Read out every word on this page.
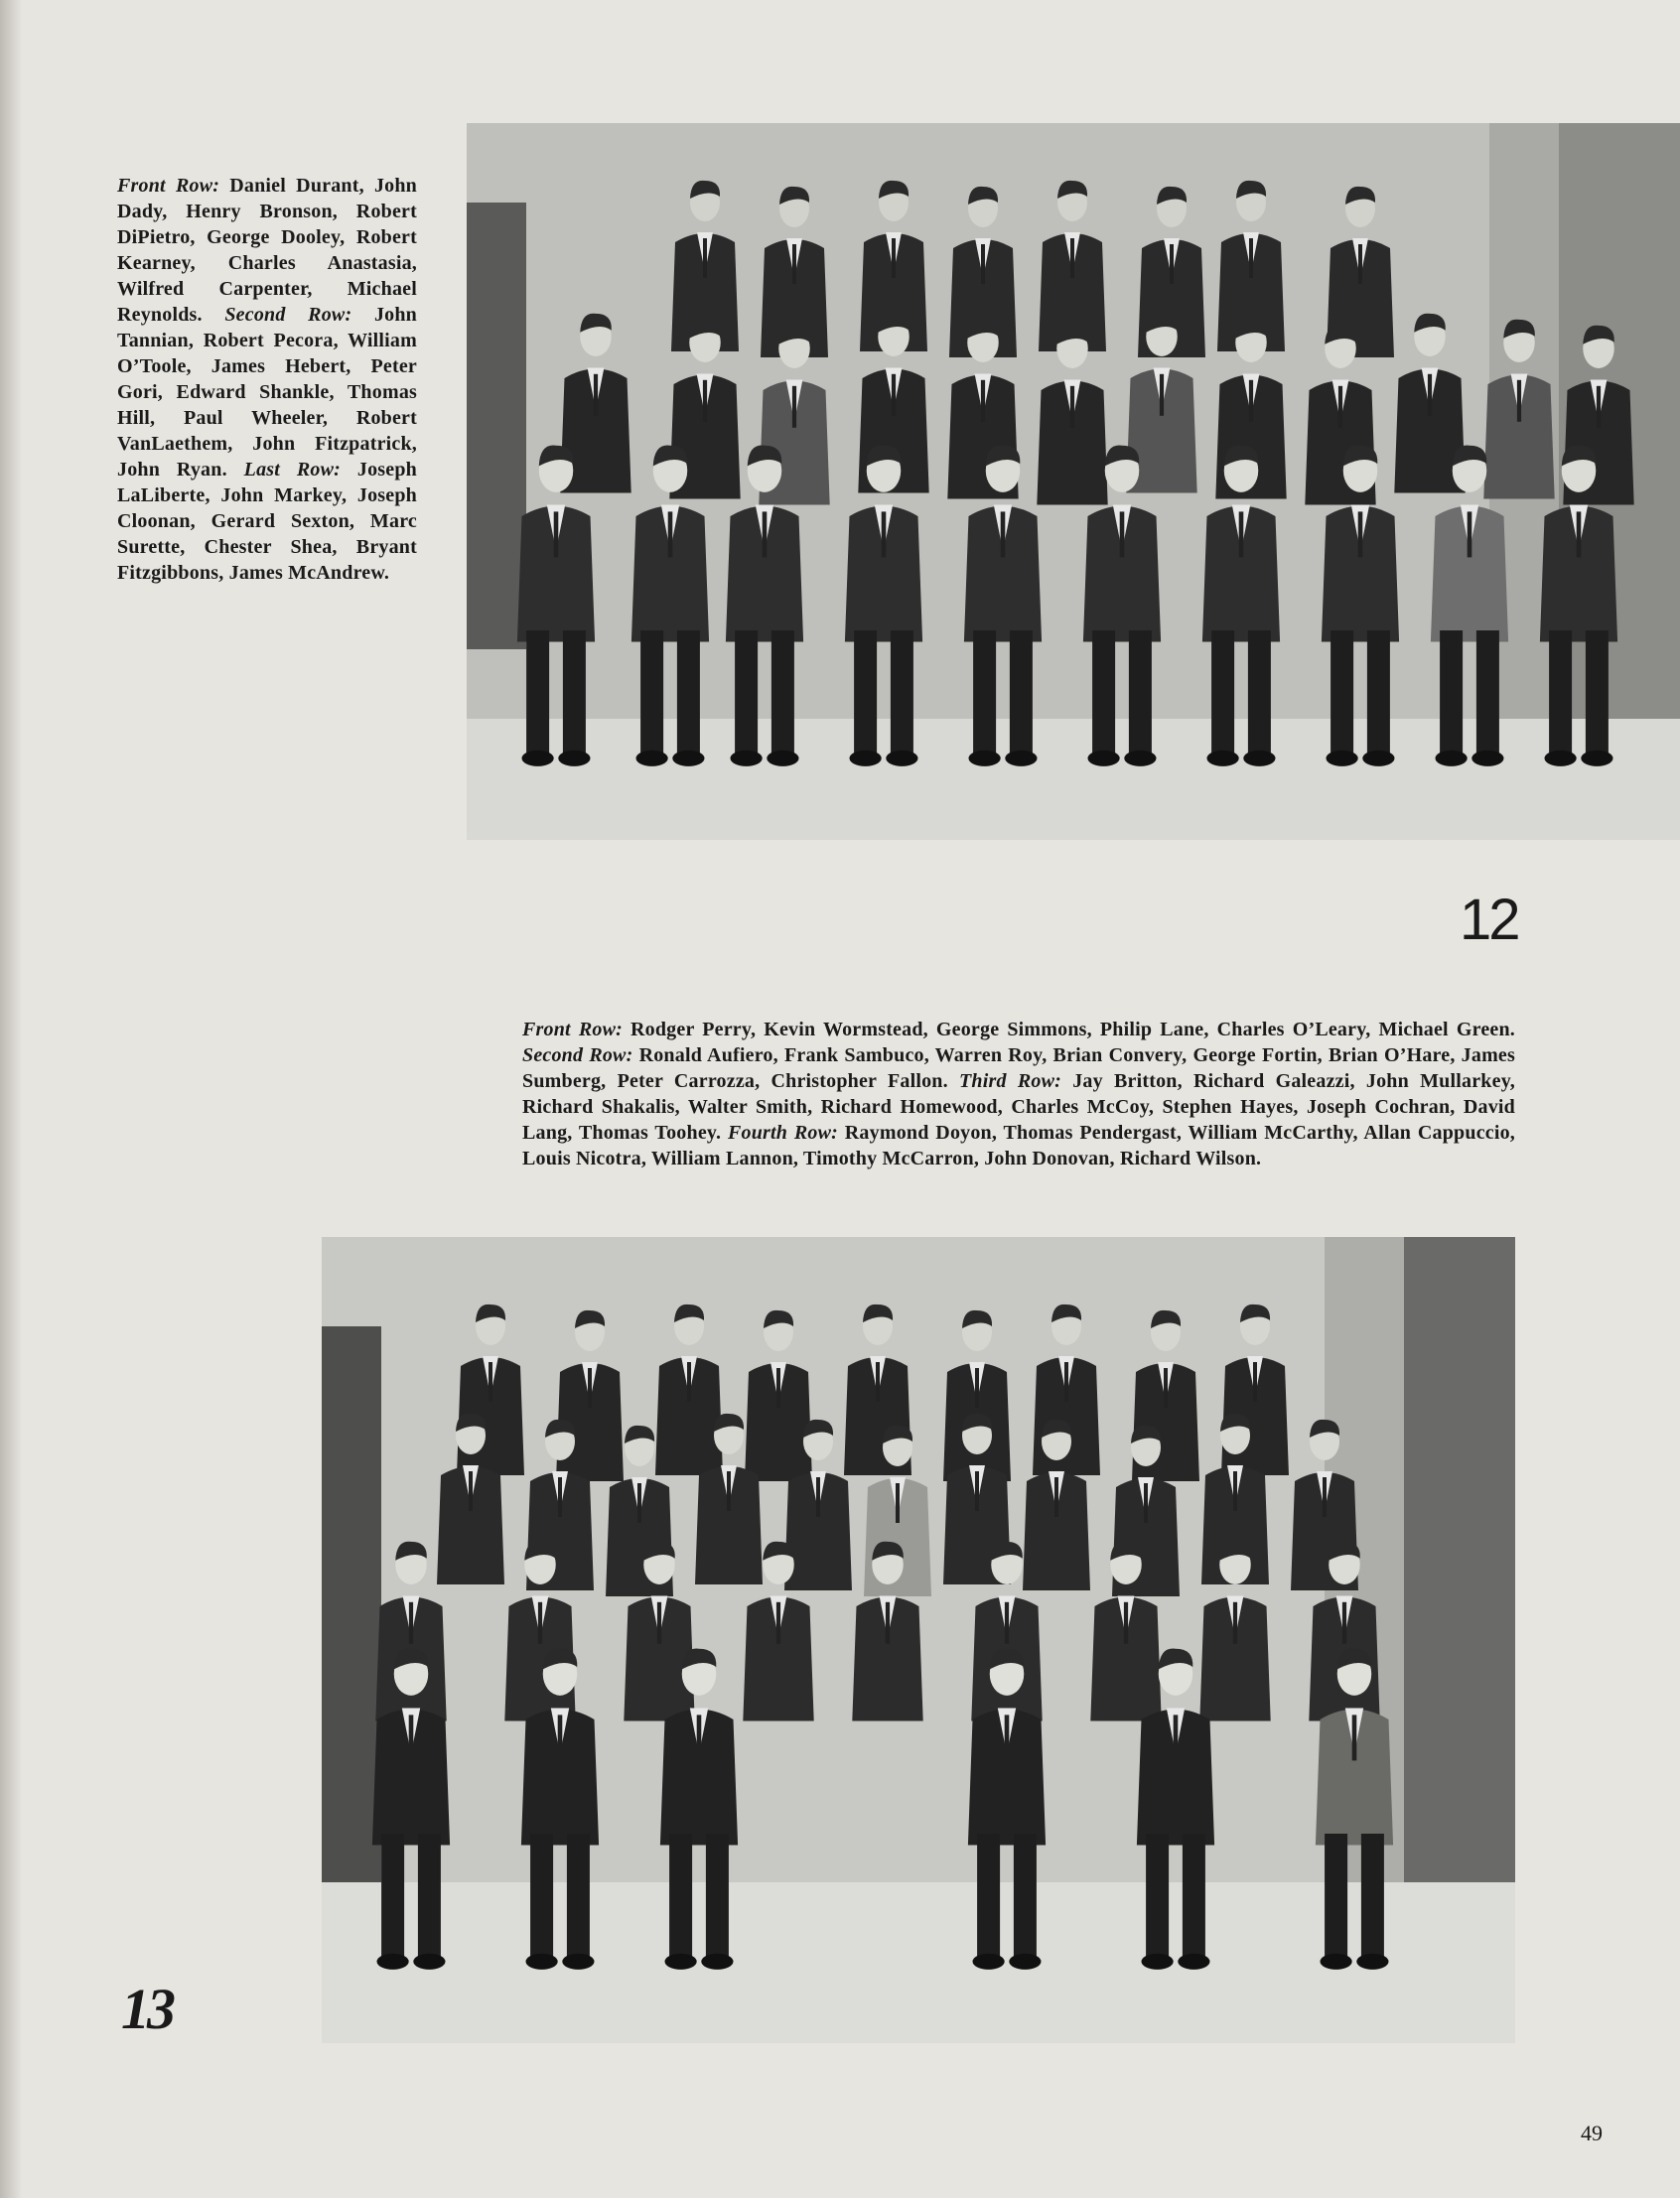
Front Row: Daniel Durant, John Dady, Henry Bronson, Robert DiPietro, George Dooley, Robert Kearney, Charles Anastasia, Wilfred Carpenter, Michael Reynolds. Second Row: John Tannian, Robert Pecora, William O’Toole, James Hebert, Peter Gori, Edward Shankle, Thomas Hill, Paul Wheeler, Robert VanLaethem, John Fitzpatrick, John Ryan. Last Row: Joseph LaLiberte, John Markey, Joseph Cloonan, Gerard Sexton, Marc Surette, Chester Shea, Bryant Fitzgibbons, James McAndrew.
12
Front Row: Rodger Perry, Kevin Wormstead, George Simmons, Philip Lane, Charles O’Leary, Michael Green. Second Row: Ronald Aufiero, Frank Sambuco, Warren Roy, Brian Convery, George Fortin, Brian O’Hare, James Sumberg, Peter Carrozza, Christopher Fallon. Third Row: Jay Britton, Richard Galeazzi, John Mullarkey, Richard Shakalis, Walter Smith, Richard Homewood, Charles McCoy, Stephen Hayes, Joseph Cochran, David Lang, Thomas Toohey. Fourth Row: Raymond Doyon, Thomas Pendergast, William McCarthy, Allan Cappuccio, Louis Nicotra, William Lannon, Timothy McCarron, John Donovan, Richard Wilson.
13
49
